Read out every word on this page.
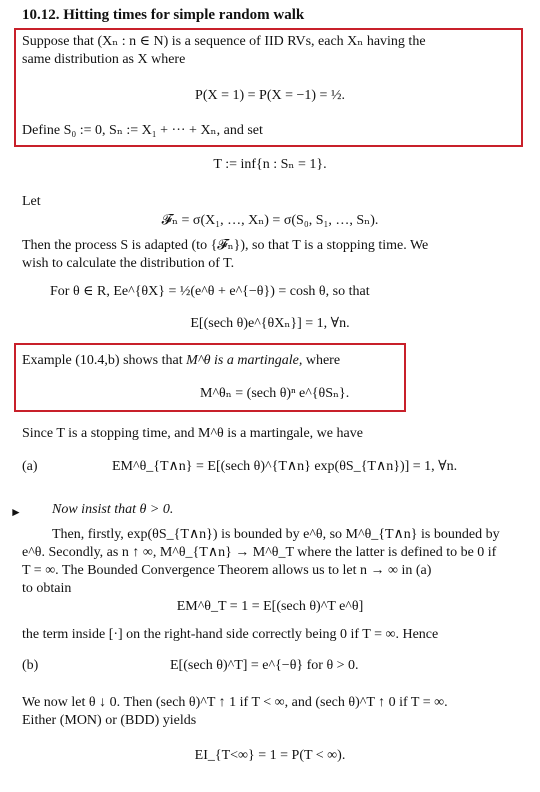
10.12. Hitting times for simple random walk
Suppose that (Xₙ : n ∈ N) is a sequence of IID RVs, each Xₙ having the
same distribution as X where
P(X = 1) = P(X = −1) = ½.
Define S₀ := 0, Sₙ := X₁ + ··· + Xₙ, and set
T := inf{n : Sₙ = 1}.
Let
𝓕ₙ = σ(X₁, …, Xₙ) = σ(S₀, S₁, …, Sₙ).
Then the process S is adapted (to {𝓕ₙ}), so that T is a stopping time. We
wish to calculate the distribution of T.
For θ ∈ R, Ee^{θX} = ½(e^θ + e^{−θ}) = cosh θ, so that
E[(sech θ)e^{θXₙ}] = 1, ∀n.
Example (10.4,b) shows that M^θ is a martingale, where
M^θₙ = (sech θ)ⁿ e^{θSₙ}.
Since T is a stopping time, and M^θ is a martingale, we have
(a)	EM^θ_{T∧n} = E[(sech θ)^{T∧n} exp(θS_{T∧n})] = 1, ∀n.
► Now insist that θ > 0.
Then, firstly, exp(θS_{T∧n}) is bounded by e^θ, so M^θ_{T∧n} is bounded by
e^θ. Secondly, as n ↑ ∞, M^θ_{T∧n} → M^θ_T where the latter is defined to be 0 if
T = ∞. The Bounded Convergence Theorem allows us to let n → ∞ in (a)
to obtain
EM^θ_T = 1 = E[(sech θ)^T e^θ]
the term inside [·] on the right-hand side correctly being 0 if T = ∞. Hence
(b)	E[(sech θ)^T] = e^{−θ} for θ > 0.
We now let θ ↓ 0. Then (sech θ)^T ↑ 1 if T < ∞, and (sech θ)^T ↑ 0 if T = ∞.
Either (MON) or (BDD) yields
EI_{T<∞} = 1 = P(T < ∞).
